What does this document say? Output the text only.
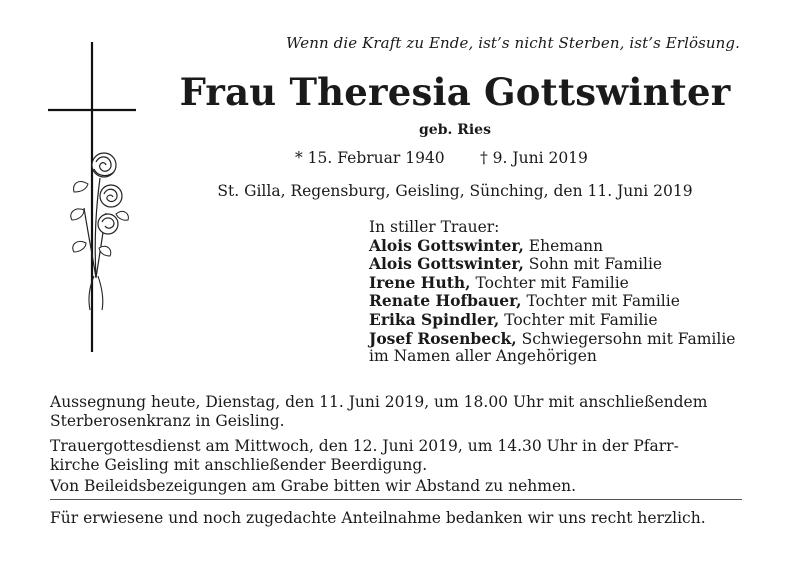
Wenn die Kraft zu Ende, ist’s nicht Sterben, ist’s Erlösung.
Frau Theresia Gottswinter
geb. Ries
* 15. Februar 1940 † 9. Juni 2019
St. Gilla, Regensburg, Geisling, Sünching, den 11. Juni 2019
In stiller Trauer:
Alois Gottswinter, Ehemann
Alois Gottswinter, Sohn mit Familie
Irene Huth, Tochter mit Familie
Renate Hofbauer, Tochter mit Familie
Erika Spindler, Tochter mit Familie
Josef Rosenbeck, Schwiegersohn mit Familie
im Namen aller Angehörigen
Aussegnung heute, Dienstag, den 11. Juni 2019, um 18.00 Uhr mit anschließendem
Sterberosenkranz in Geisling.
Trauergottesdienst am Mittwoch, den 12. Juni 2019, um 14.30 Uhr in der Pfarr-
kirche Geisling mit anschließender Beerdigung.
Von Beileidsbezeigungen am Grabe bitten wir Abstand zu nehmen.
Für erwiesene und noch zugedachte Anteilnahme bedanken wir uns recht herzlich.
